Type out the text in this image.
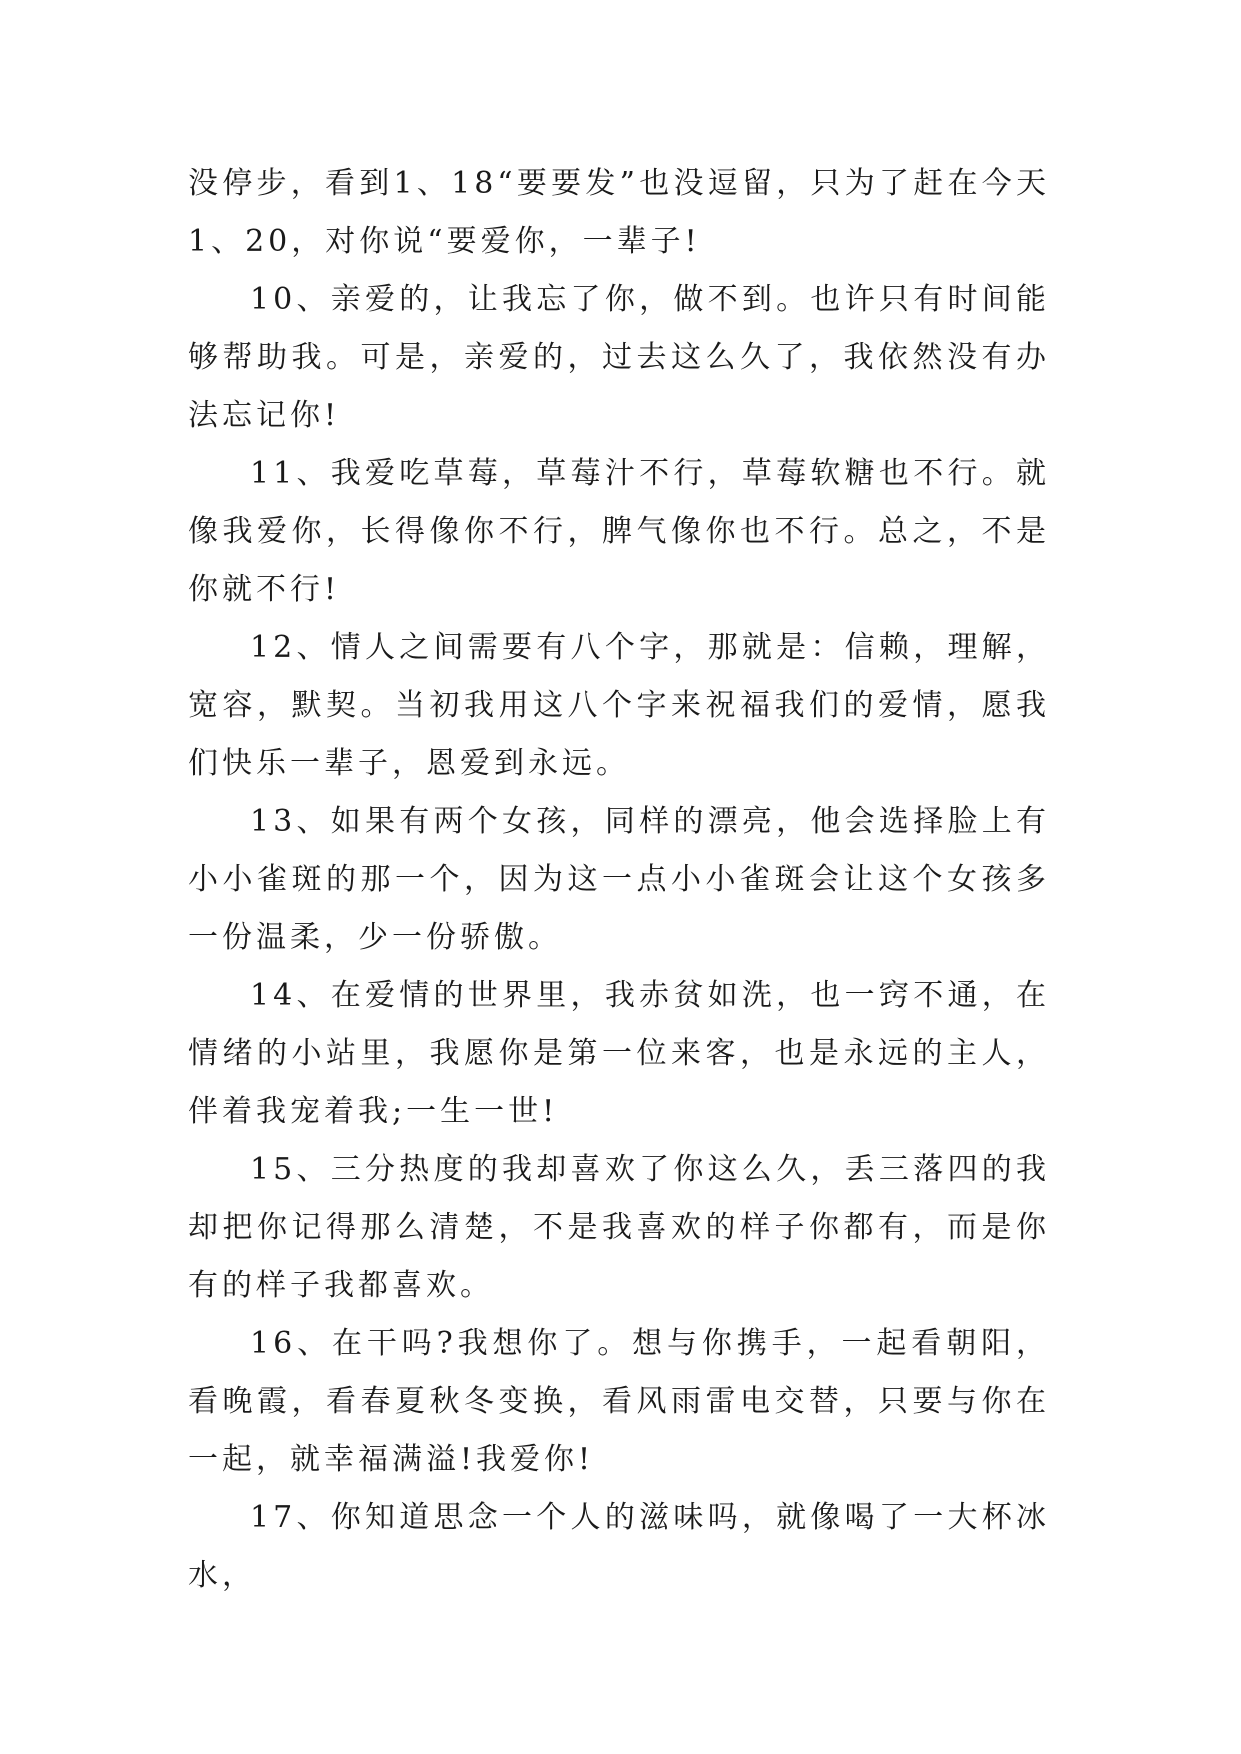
没停步，看到1、18“要要发”也没逗留，只为了赶在今天1、20，对你说“要爱你，一辈子!

10、亲爱的，让我忘了你，做不到。也许只有时间能够帮助我。可是，亲爱的，过去这么久了，我依然没有办法忘记你!

11、我爱吃草莓，草莓汁不行，草莓软糖也不行。就像我爱你，长得像你不行，脾气像你也不行。总之，不是你就不行!

12、情人之间需要有八个字，那就是：信赖，理解，宽容，默契。当初我用这八个字来祝福我们的爱情，愿我们快乐一辈子，恩爱到永远。

13、如果有两个女孩，同样的漂亮，他会选择脸上有小小雀斑的那一个，因为这一点小小雀斑会让这个女孩多一份温柔，少一份骄傲。

14、在爱情的世界里，我赤贫如洗，也一窍不通，在情绪的小站里，我愿你是第一位来客，也是永远的主人，伴着我宠着我;一生一世!

15、三分热度的我却喜欢了你这么久，丢三落四的我却把你记得那么清楚，不是我喜欢的样子你都有，而是你有的样子我都喜欢。

16、在干吗?我想你了。想与你携手，一起看朝阳，看晚霞，看春夏秋冬变换，看风雨雷电交替，只要与你在一起，就幸福满溢!我爱你!

17、你知道思念一个人的滋味吗，就像喝了一大杯冰水，
